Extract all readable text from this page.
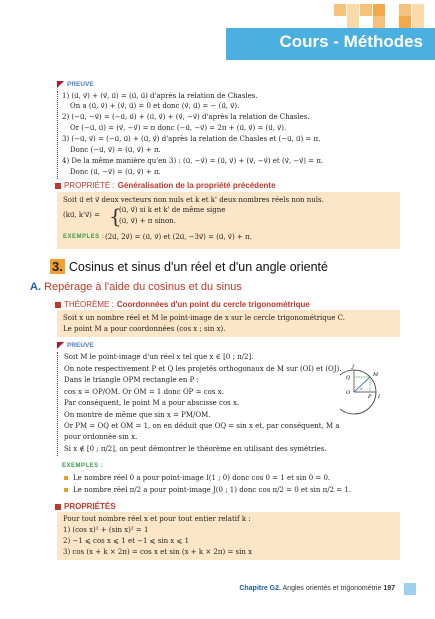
Cours - Méthodes
PREUVE
1) (u⃗, v⃗) + (v⃗, u⃗) = (u⃗, u⃗) d'après la relation de Chasles.
On a (u⃗, v⃗) + (v⃗, u⃗) = 0 et donc (v⃗, u⃗) = − (u⃗, v⃗).
2) (−u⃗, −v⃗) = (−u⃗, u⃗) + (u⃗, v⃗) + (v⃗, −v⃗) d'après la relation de Chasles.
Or (−u⃗, u⃗) = (v⃗, −v⃗) = π donc (−u⃗, −v⃗) = 2π + (u⃗, v⃗) = (u⃗, v⃗).
3) (−u⃗, v⃗) = (−u⃗, u⃗) + (u⃗, v⃗) d'après la relation de Chasles et (−u⃗, u⃗) = π.
Donc (−u⃗, v⃗) = (u⃗, v⃗) + π.
4) De la même manière qu'en 3) : (u⃗, −v⃗) = (u⃗, v⃗) + (v⃗, −v⃗) et (v⃗, −v⃗) = π.
Donc (u⃗, −v⃗) = (u⃗, v⃗) + π.
PROPRIÉTÉ : Généralisation de la propriété précédente
Soit u⃗ et v⃗ deux vecteurs non nuls et k et k' deux nombres réels non nuls.
(ku⃗, k'v⃗) = {
(u⃗, v⃗) si k et k' de même signe
(u⃗, v⃗) + π sinon.
EXEMPLES : (2u⃗, 2v⃗) = (u⃗, v⃗) et (2u⃗, −3v⃗) = (u⃗, v⃗) + π.
3. Cosinus et sinus d'un réel et d'un angle orienté
A. Repérage à l'aide du cosinus et du sinus
THÉORÈME : Coordonnées d'un point du cercle trigonométrique
Soit x un nombre réel et M le point-image de x sur le cercle trigonométrique C.
Le point M a pour coordonnées (cos x ; sin x).
PREUVE
Soit M le point-image d'un réel x tel que x ∈ [0 ; π/2].
On note respectivement P et Q les projetés orthogonaux de M sur (OI) et (OJ).
Dans le triangle OPM rectangle en P :
cos x = OP/OM. Or OM = 1 donc OP = cos x.
Par conséquent, le point M a pour abscisse cos x.
On montre de même que sin x = PM/OM.
Or PM = OQ et OM = 1, on en déduit que OQ = sin x et, par conséquent, M a
pour ordonnée sin x.
Si x ∉ [0 ; π/2], on peut démontrer le théorème en utilisant des symétries.
J
M
Q
O
P I
x
EXEMPLES :
Le nombre réel 0 a pour point-image I(1 ; 0) donc cos 0 = 1 et sin 0 = 0.
Le nombre réel π/2 a pour point-image J(0 ; 1) donc cos π/2 = 0 et sin π/2 = 1.
PROPRIÉTÉS
Pour tout nombre réel x et pour tout entier relatif k :
1) (cos x)² + (sin x)² = 1
2) −1 ⩽ cos x ⩽ 1 et −1 ⩽ sin x ⩽ 1
3) cos (x + k × 2π) = cos x et sin (x + k × 2π) = sin x
Chapitre G2. Angles orientés et trigonométrie 197
